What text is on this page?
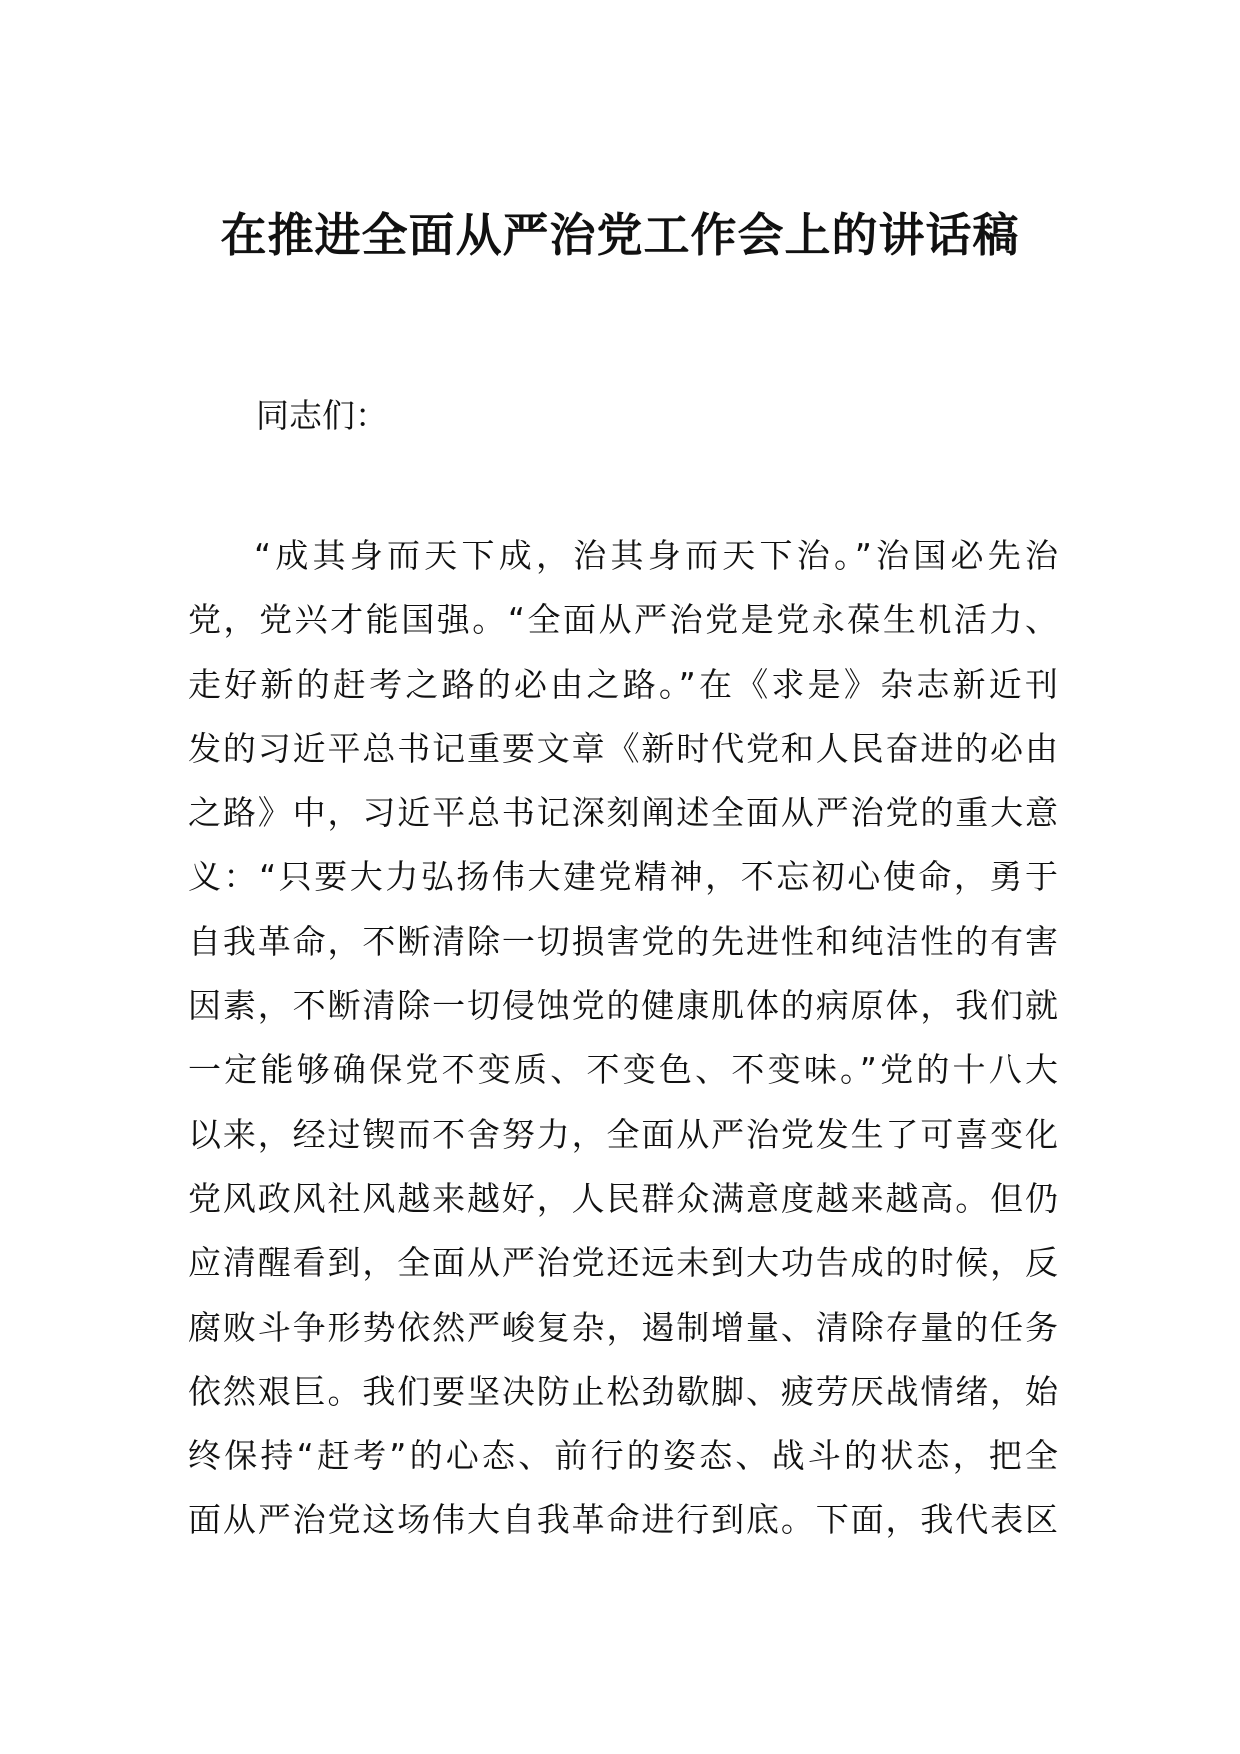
在推进全面从严治党工作会上的讲话稿

同志们：

“成其身而天下成，治其身而天下治。”治国必先治
党，党兴才能国强。“全面从严治党是党永葆生机活力、
走好新的赶考之路的必由之路。”在《求是》杂志新近刊
发的习近平总书记重要文章《新时代党和人民奋进的必由
之路》中，习近平总书记深刻阐述全面从严治党的重大意
义：“只要大力弘扬伟大建党精神，不忘初心使命，勇于
自我革命，不断清除一切损害党的先进性和纯洁性的有害
因素，不断清除一切侵蚀党的健康肌体的病原体，我们就
一定能够确保党不变质、不变色、不变味。”党的十八大
以来，经过锲而不舍努力，全面从严治党发生了可喜变化
党风政风社风越来越好，人民群众满意度越来越高。但仍
应清醒看到，全面从严治党还远未到大功告成的时候，反
腐败斗争形势依然严峻复杂，遏制增量、清除存量的任务
依然艰巨。我们要坚决防止松劲歇脚、疲劳厌战情绪，始
终保持“赶考”的心态、前行的姿态、战斗的状态，把全
面从严治党这场伟大自我革命进行到底。下面，我代表区
